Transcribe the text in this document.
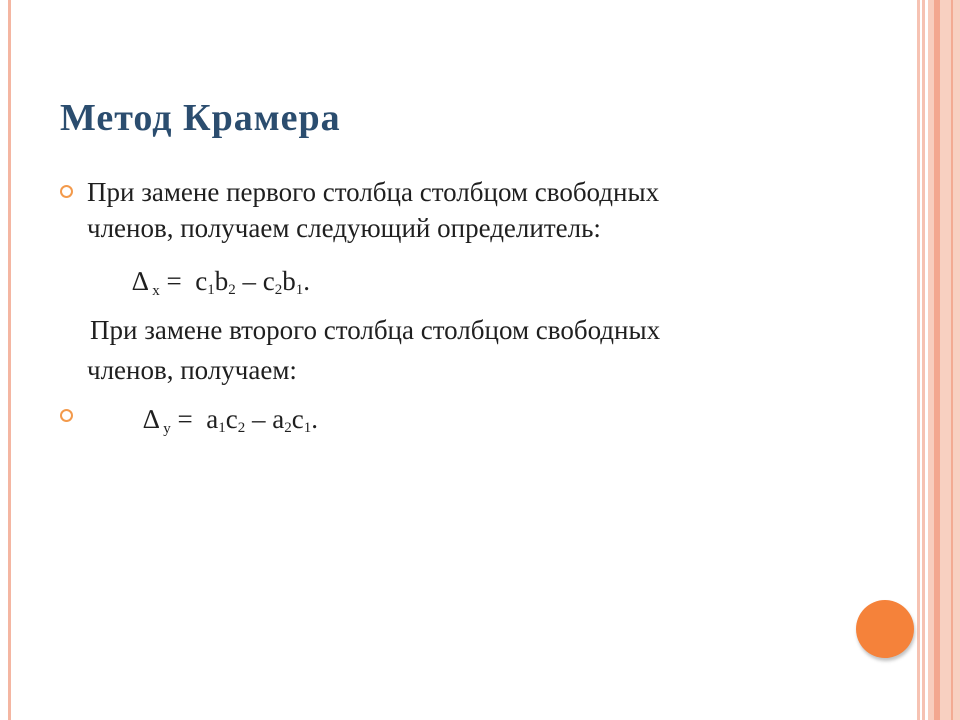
Метод Крамера
При замене первого столбца столбцом свободных
членов, получаем следующий определитель:
∆ $_x = c_1b_2 - c_2b_1$.
При замене второго столбца столбцом свободных
членов, получаем:
∆ $_y = a_1c_2 - a_2c_1$.
